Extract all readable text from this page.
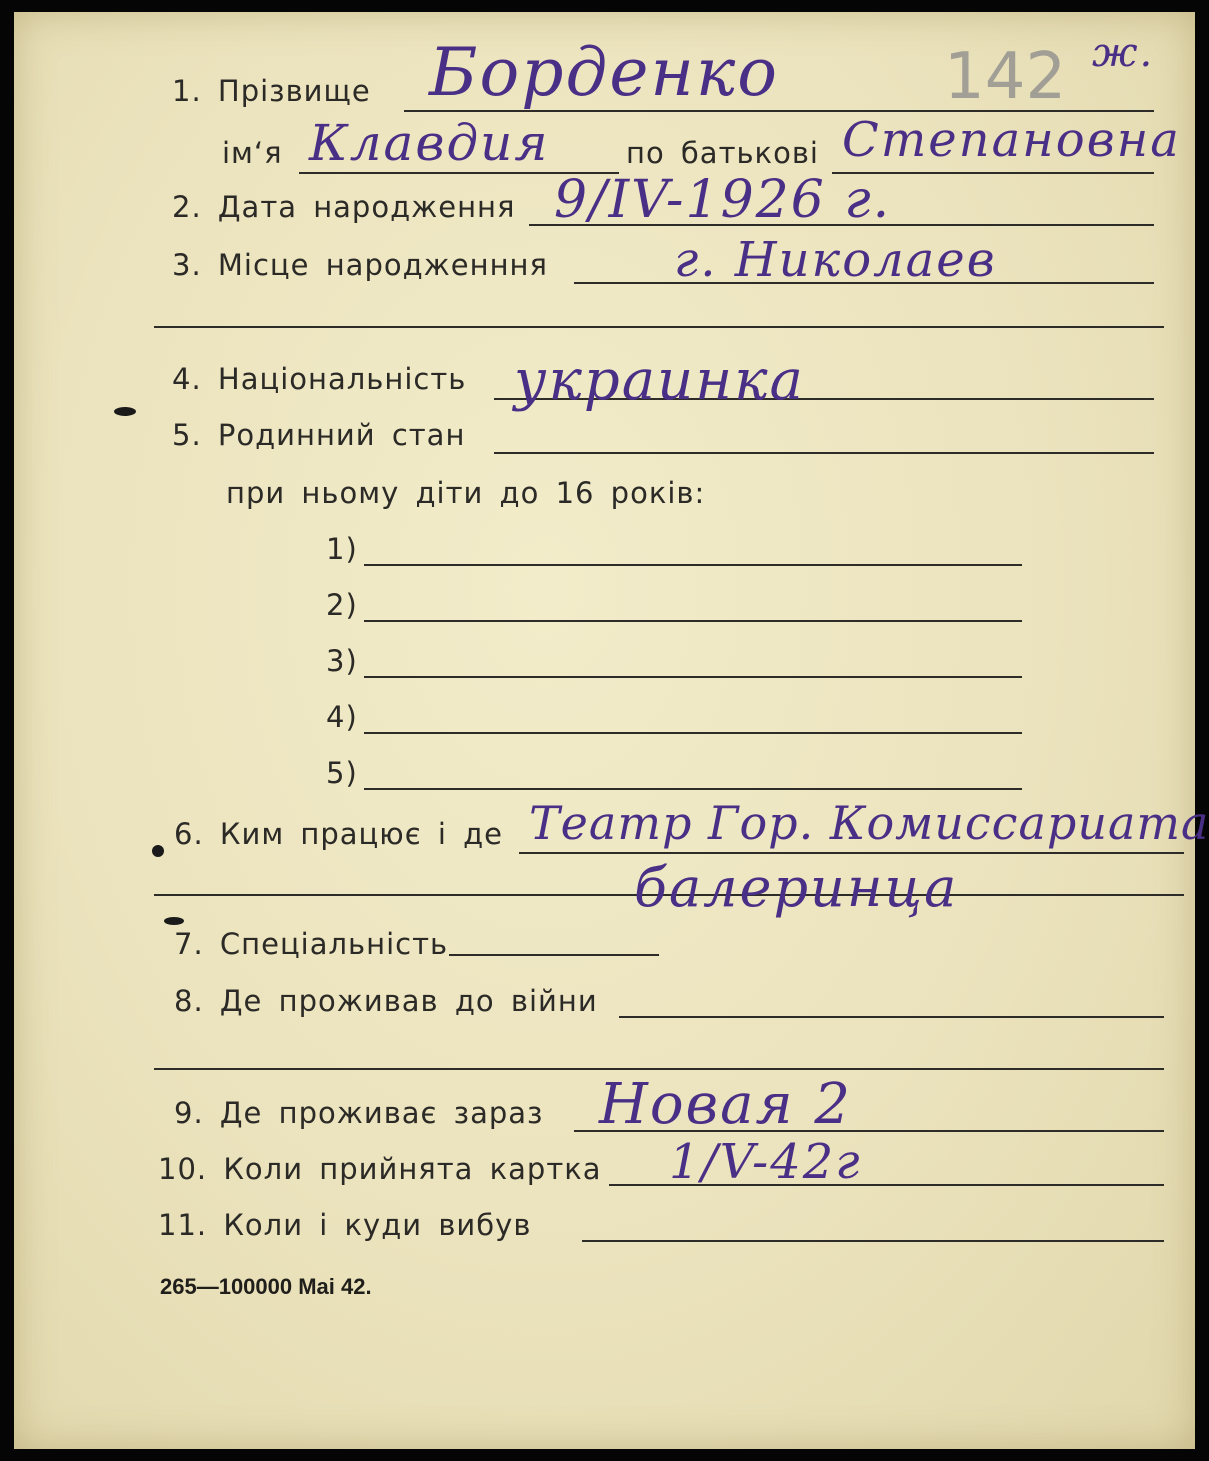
142
1. Прізвище Борденко	ж.
ім‘я Клавдия	по батькові Степановна
2. Дата народження 9/IV-1926 г.
3. Місце народженння	г. Николаев
4. Національність украинка
5. Родинний стан
при ньому діти до 16 років:
1)
2)
3)
4)
5)
6. Ким працює і де Театр Гор. Комиссариата
балеринца
7. Спеціальність
8. Де проживав до війни
9. Де проживає зараз Новая 2
10. Коли прийнята картка 1/V-42г
11. Коли і куди вибув
265—100000 Mai 42.
